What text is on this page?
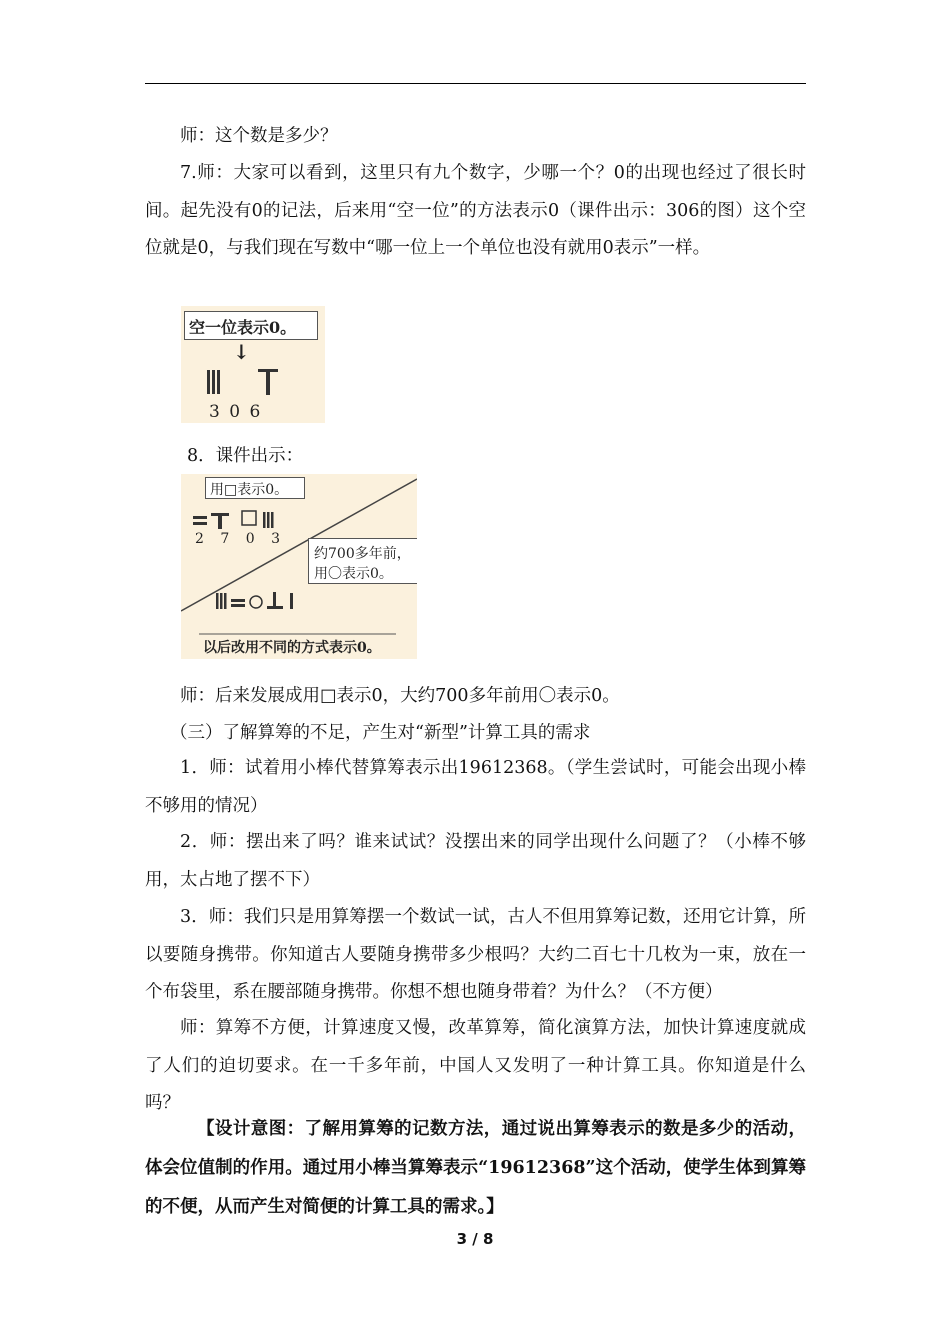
师：这个数是多少？

7.师：大家可以看到，这里只有九个数字，少哪一个？0的出现也经过了很长时间。起先没有0的记法，后来用“空一位”的方法表示0（课件出示：306的图）这个空位就是0，与我们现在写数中“哪一位上一个单位也没有就用0表示”一样。

空一位表示0。
↓
3 0 6

8．课件出示：

用□表示0。
2 7 0 3
约700多年前，
用〇表示0。
以后改用不同的方式表示0。

师：后来发展成用□表示0，大约700多年前用〇表示0。

（三）了解算筹的不足，产生对“新型”计算工具的需求

1．师：试着用小棒代替算筹表示出19612368。（学生尝试时，可能会出现小棒不够用的情况）

2．师：摆出来了吗？谁来试试？没摆出来的同学出现什么问题了？（小棒不够用，太占地了摆不下）

3．师：我们只是用算筹摆一个数试一试，古人不但用算筹记数，还用它计算，所以要随身携带。你知道古人要随身携带多少根吗？大约二百七十几枚为一束，放在一个布袋里，系在腰部随身携带。你想不想也随身带着？为什么？（不方便）

师：算筹不方便，计算速度又慢，改革算筹，简化演算方法，加快计算速度就成了人们的迫切要求。在一千多年前，中国人又发明了一种计算工具。你知道是什么吗？

【设计意图：了解用算筹的记数方法，通过说出算筹表示的数是多少的活动，体会位值制的作用。通过用小棒当算筹表示“19612368”这个活动，使学生体到算筹的不便，从而产生对简便的计算工具的需求。】

3 / 8
